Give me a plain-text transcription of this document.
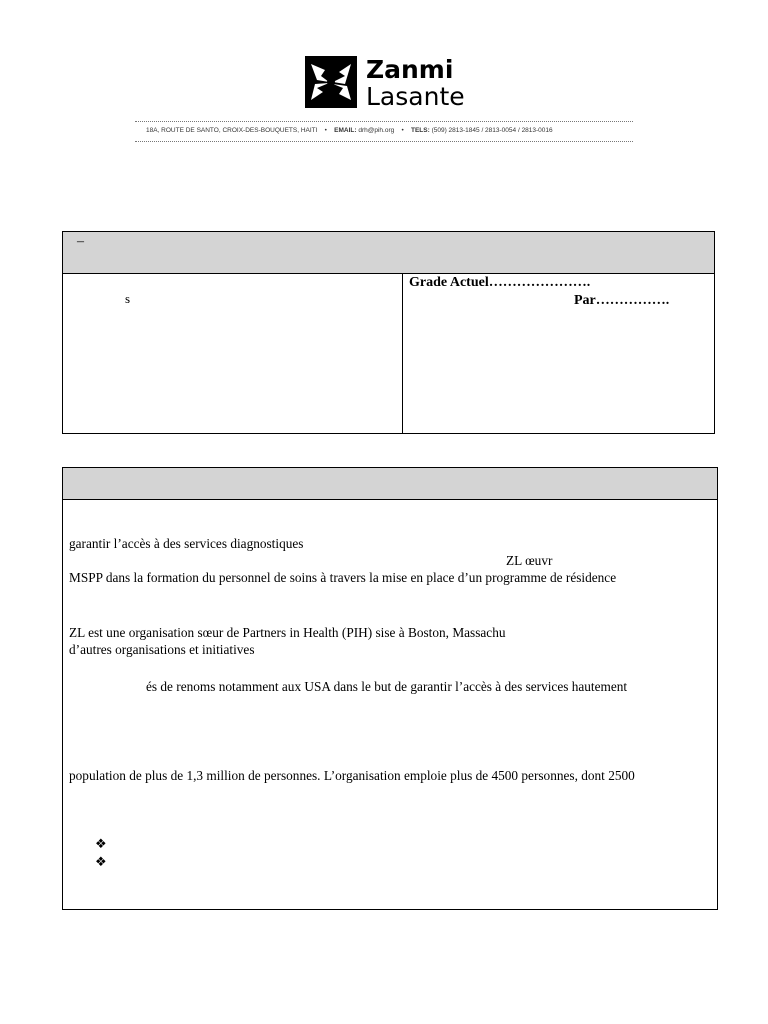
Zanmi
Lasante
18A, ROUTE DE SANTO, CROIX-DES-BOUQUETS, HAITI    •    EMAIL: drh@pih.org    •    TELS: (509) 2813-1845 / 2813-0054 / 2813-0016
–
s
Grade Actuel………………….
Par…………….
garantir l’accès à des services diagnostiques
ZL œuvr
MSPP dans la formation du personnel de soins à travers la mise en place d’un programme de résidence
ZL est une organisation sœur de Partners in Health (PIH) sise à Boston, Massachu
d’autres organisations et initiatives
és de renoms notamment aux USA dans le but de garantir l’accès à des services hautement
population de plus de 1,3 million de personnes. L’organisation emploie plus de 4500 personnes, dont 2500
❖
❖
